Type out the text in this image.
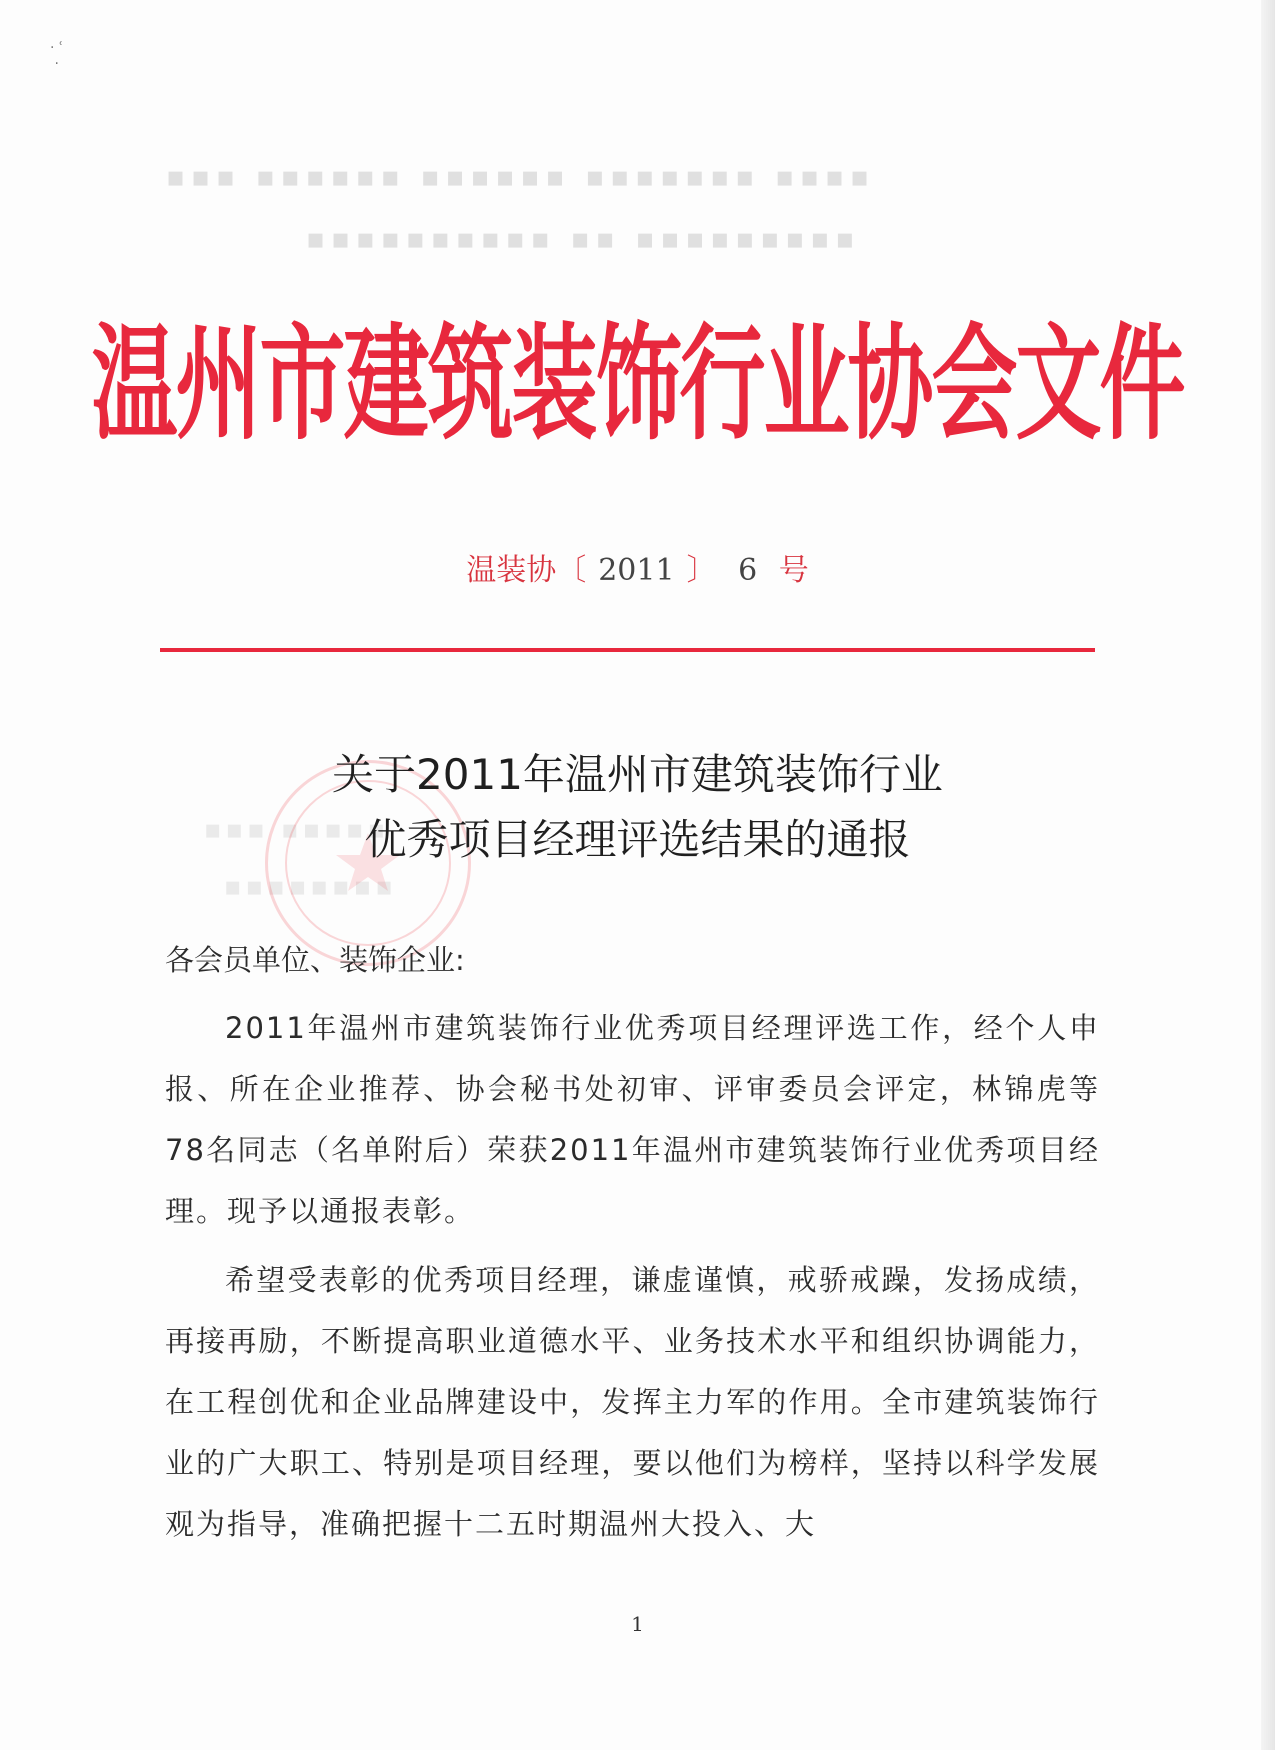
· ʿ
·
▪▪▪▪ ▪▪▪▪▪▪▪ ▪▪▪▪▪▪ ▪▪▪▪▪▪ ▪▪▪
▪▪▪▪▪▪▪▪▪ ▪▪ ▪▪▪▪▪▪▪▪▪▪
▪▪▪▪▪ ▪▪▪
▪▪▪▪▪▪▪▪
温州市建筑装饰行业协会文件
温装协〔 2011 〕 6 号
关于2011年温州市建筑装饰行业
优秀项目经理评选结果的通报
各会员单位、装饰企业:
2011年温州市建筑装饰行业优秀项目经理评选工作，经个人申报、所在企业推荐、协会秘书处初审、评审委员会评定，林锦虎等78名同志（名单附后）荣获2011年温州市建筑装饰行业优秀项目经理。现予以通报表彰。
希望受表彰的优秀项目经理，谦虚谨慎，戒骄戒躁，发扬成绩，再接再励，不断提高职业道德水平、业务技术水平和组织协调能力，在工程创优和企业品牌建设中，发挥主力军的作用。全市建筑装饰行业的广大职工、特别是项目经理，要以他们为榜样，坚持以科学发展观为指导，准确把握十二五时期温州大投入、大
1
